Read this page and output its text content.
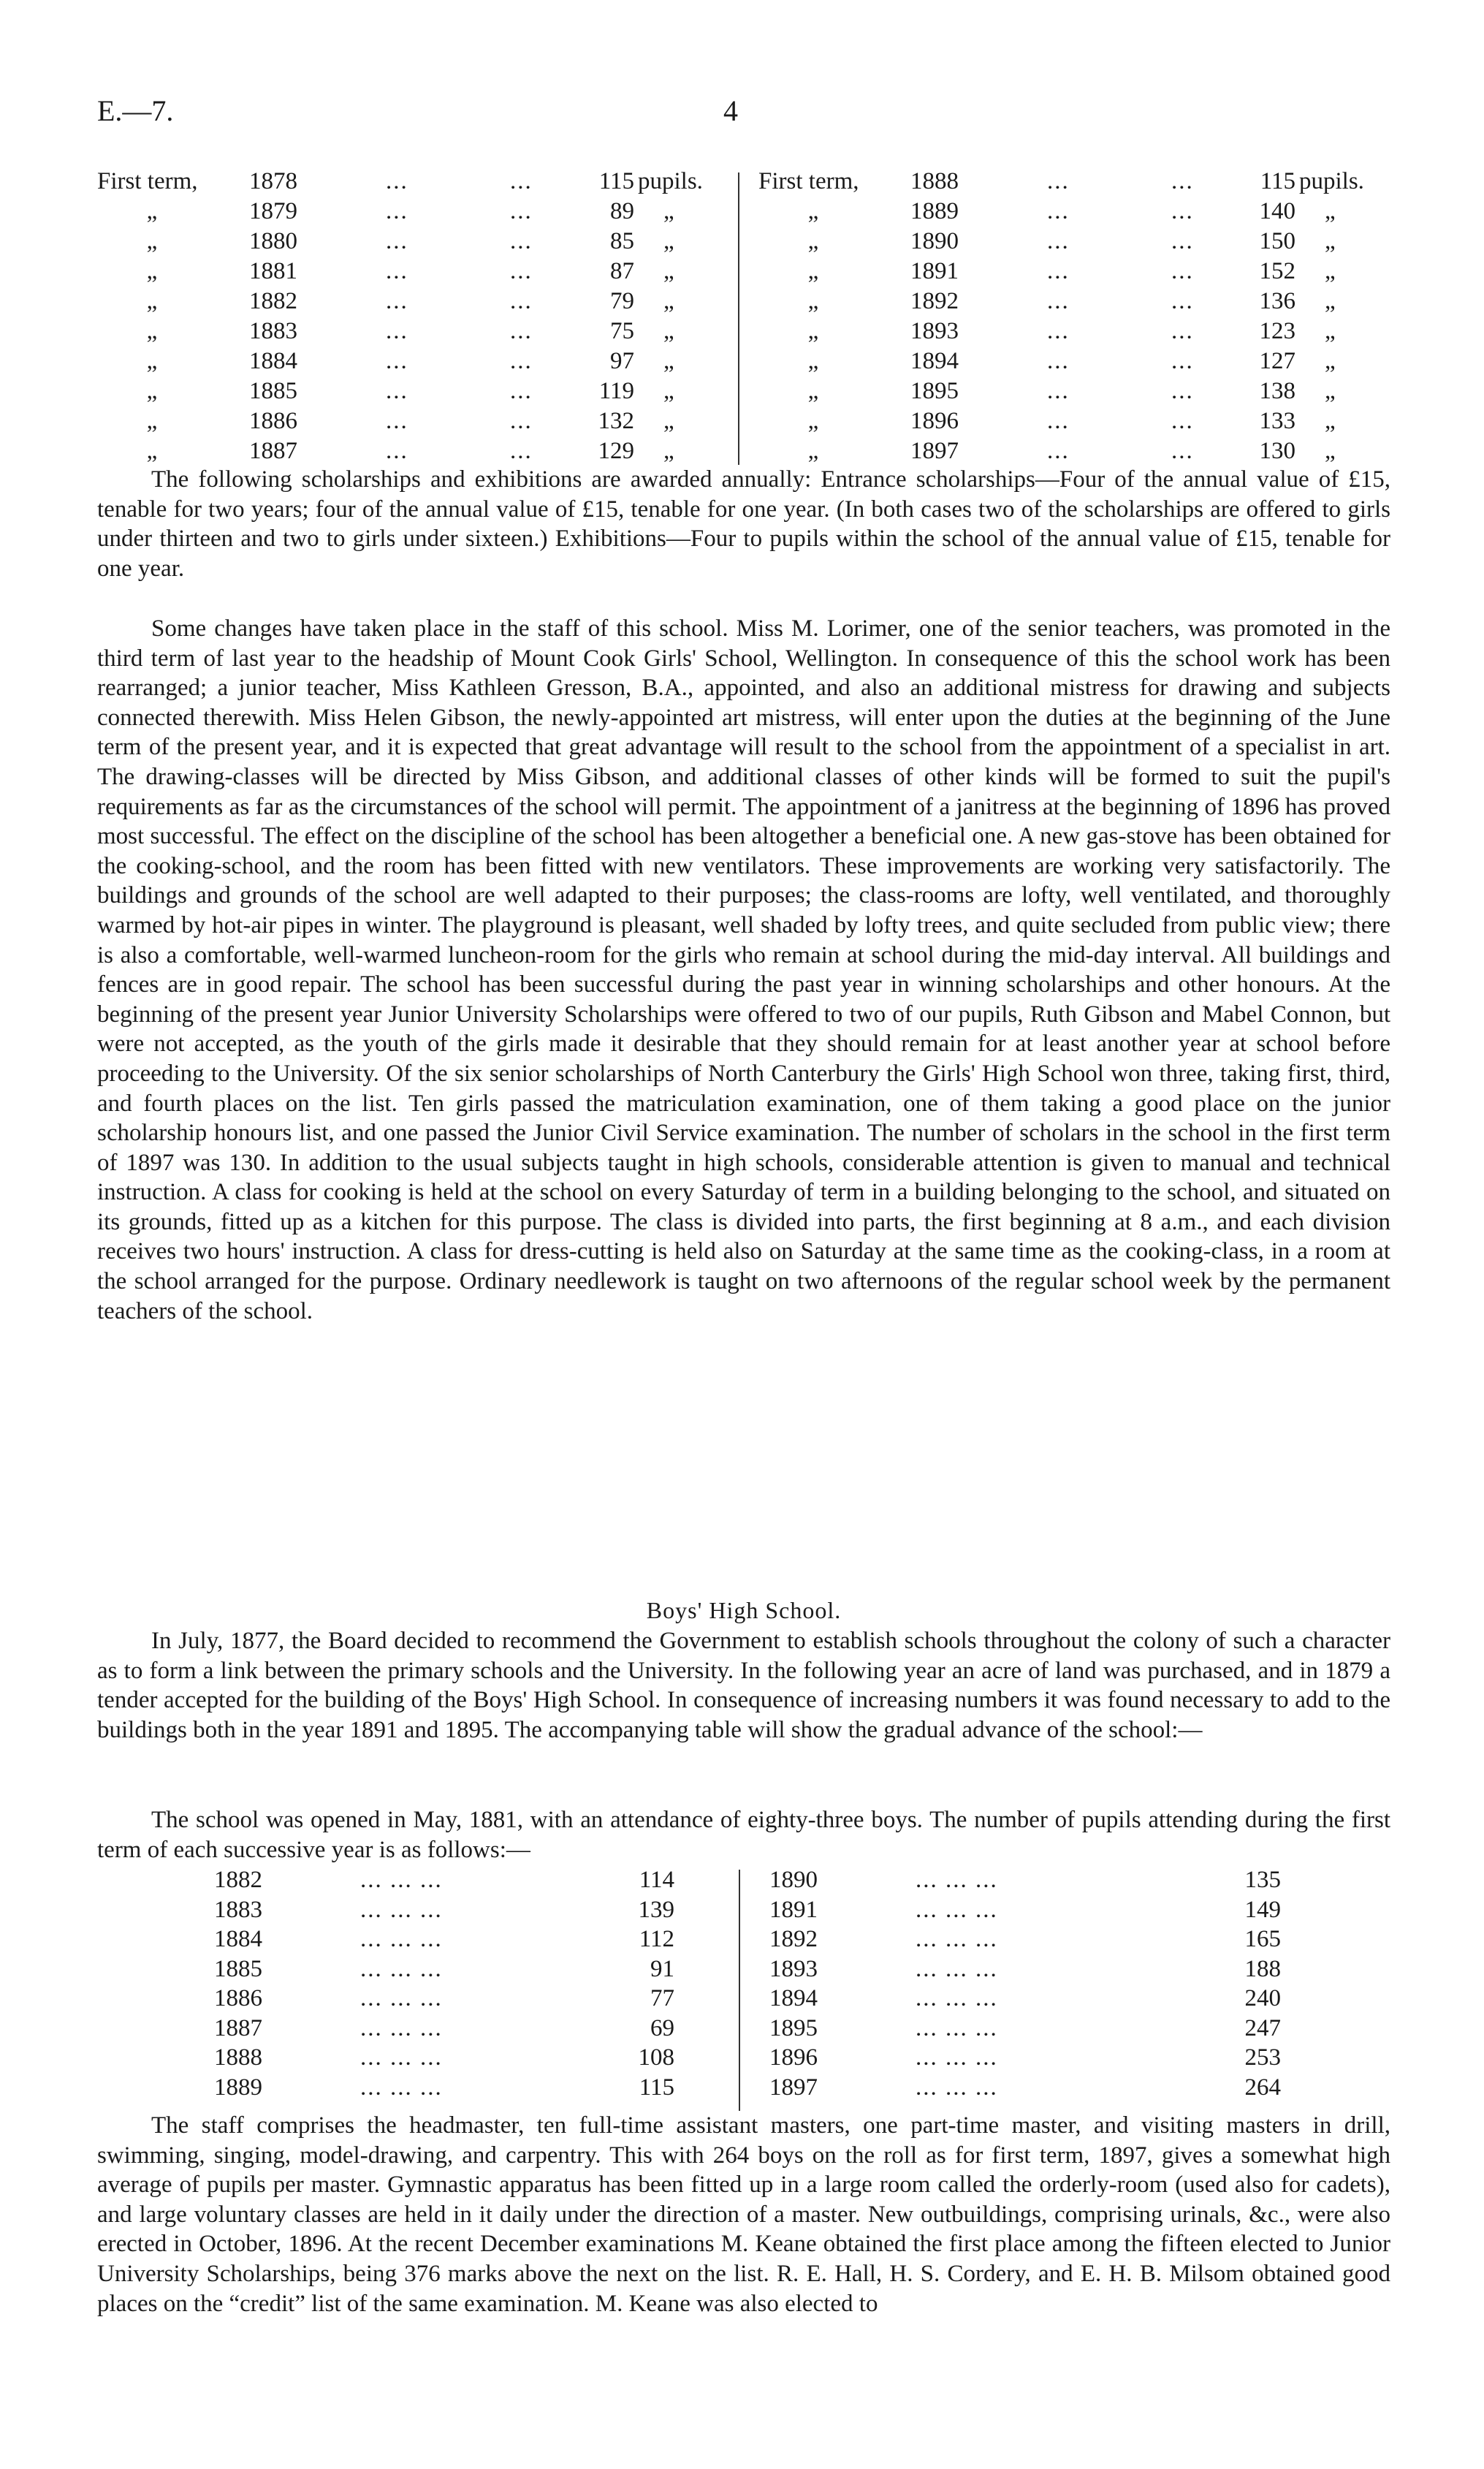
E.—7.	4
First term,	1878	...	...	115 pupils.
„	1879	...	...	89 „
„	1880	...	...	85 „
„	1881	...	...	87 „
„	1882	...	...	79 „
„	1883	...	...	75 „
„	1884	...	...	97 „
„	1885	...	...	119 „
„	1886	...	...	132 „
„	1887	...	...	129 „
First term,	1888	...	...	115 pupils.
„	1889	...	...	140 „
„	1890	...	...	150 „
„	1891	...	...	152 „
„	1892	...	...	136 „
„	1893	...	...	123 „
„	1894	...	...	127 „
„	1895	...	...	138 „
„	1896	...	...	133 „
„	1897	...	...	130 „

The following scholarships and exhibitions are awarded annually: Entrance scholarships—Four of the annual value of £15, tenable for two years; four of the annual value of £15, tenable for one year. (In both cases two of the scholarships are offered to girls under thirteen and two to girls under sixteen.) Exhibitions—Four to pupils within the school of the annual value of £15, tenable for one year.

Some changes have taken place in the staff of this school. Miss M. Lorimer, one of the senior teachers, was promoted in the third term of last year to the headship of Mount Cook Girls' School, Wellington. In consequence of this the school work has been rearranged; a junior teacher, Miss Kathleen Gresson, B.A., appointed, and also an additional mistress for drawing and subjects connected therewith. Miss Helen Gibson, the newly-appointed art mistress, will enter upon the duties at the beginning of the June term of the present year, and it is expected that great advantage will result to the school from the appointment of a specialist in art. The drawing-classes will be directed by Miss Gibson, and additional classes of other kinds will be formed to suit the pupil's requirements as far as the circumstances of the school will permit. The appointment of a janitress at the beginning of 1896 has proved most successful. The effect on the discipline of the school has been altogether a beneficial one. A new gas-stove has been obtained for the cooking-school, and the room has been fitted with new ventilators. These improvements are working very satisfactorily. The buildings and grounds of the school are well adapted to their purposes; the class-rooms are lofty, well ventilated, and thoroughly warmed by hot-air pipes in winter. The playground is pleasant, well shaded by lofty trees, and quite secluded from public view; there is also a comfortable, well-warmed luncheon-room for the girls who remain at school during the mid-day interval. All buildings and fences are in good repair. The school has been successful during the past year in winning scholarships and other honours. At the beginning of the present year Junior University Scholarships were offered to two of our pupils, Ruth Gibson and Mabel Connon, but were not accepted, as the youth of the girls made it desirable that they should remain for at least another year at school before proceeding to the University. Of the six senior scholarships of North Canterbury the Girls' High School won three, taking first, third, and fourth places on the list. Ten girls passed the matriculation examination, one of them taking a good place on the junior scholarship honours list, and one passed the Junior Civil Service examination. The number of scholars in the school in the first term of 1897 was 130. In addition to the usual subjects taught in high schools, considerable attention is given to manual and technical instruction. A class for cooking is held at the school on every Saturday of term in a building belonging to the school, and situated on its grounds, fitted up as a kitchen for this purpose. The class is divided into parts, the first beginning at 8 a.m., and each division receives two hours' instruction. A class for dress-cutting is held also on Saturday at the same time as the cooking-class, in a room at the school arranged for the purpose. Ordinary needlework is taught on two afternoons of the regular school week by the permanent teachers of the school.

Boys' High School.

In July, 1877, the Board decided to recommend the Government to establish schools throughout the colony of such a character as to form a link between the primary schools and the University. In the following year an acre of land was purchased, and in 1879 a tender accepted for the building of the Boys' High School. In consequence of increasing numbers it was found necessary to add to the buildings both in the year 1891 and 1895. The accompanying table will show the gradual advance of the school:—

The school was opened in May, 1881, with an attendance of eighty-three boys. The number of pupils attending during the first term of each successive year is as follows:—

1882	... ... ...	114
1883	... ... ...	139
1884	... ... ...	112
1885	... ... ...	91
1886	... ... ...	77
1887	... ... ...	69
1888	... ... ...	108
1889	... ... ...	115
1890	... ... ...	135
1891	... ... ...	149
1892	... ... ...	165
1893	... ... ...	188
1894	... ... ...	240
1895	... ... ...	247
1896	... ... ...	253
1897	... ... ...	264

The staff comprises the headmaster, ten full-time assistant masters, one part-time master, and visiting masters in drill, swimming, singing, model-drawing, and carpentry. This with 264 boys on the roll as for first term, 1897, gives a somewhat high average of pupils per master. Gymnastic apparatus has been fitted up in a large room called the orderly-room (used also for cadets), and large voluntary classes are held in it daily under the direction of a master. New outbuildings, comprising urinals, &c., were also erected in October, 1896. At the recent December examinations M. Keane obtained the first place among the fifteen elected to Junior University Scholarships, being 376 marks above the next on the list. R. E. Hall, H. S. Cordery, and E. H. B. Milsom obtained good places on the “credit” list of the same examination. M. Keane was also elected to
